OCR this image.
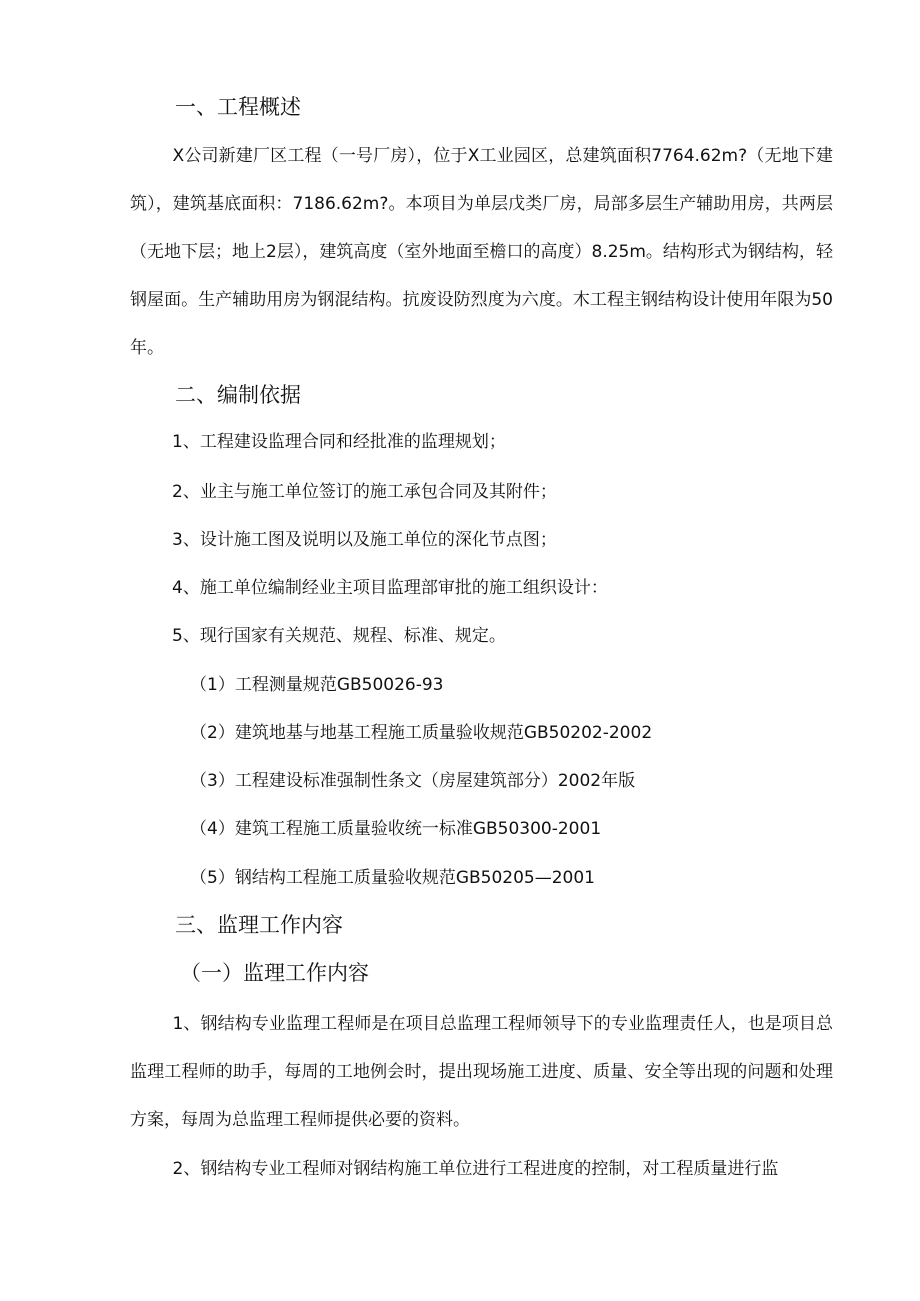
一、工程概述

X公司新建厂区工程（一号厂房），位于X工业园区，总建筑面积7764.62m?（无地下建筑），建筑基底面积：7186.62m?。本项目为单层戊类厂房，局部多层生产辅助用房，共两层（无地下层；地上2层），建筑高度（室外地面至檐口的高度）8.25m。结构形式为钢结构，轻钢屋面。生产辅助用房为钢混结构。抗废设防烈度为六度。木工程主钢结构设计使用年限为50年。

二、编制依据
1、工程建设监理合同和经批准的监理规划；
2、业主与施工单位签订的施工承包合同及其附件；
3、设计施工图及说明以及施工单位的深化节点图；
4、施工单位编制经业主项目监理部审批的施工组织设计：
5、现行国家有关规范、规程、标准、规定。
（1）工程测量规范GB50026-93
（2）建筑地基与地基工程施工质量验收规范GB50202-2002
（3）工程建设标准强制性条文（房屋建筑部分）2002年版
（4）建筑工程施工质量验收统一标准GB50300-2001
（5）钢结构工程施工质量验收规范GB50205—2001
三、监理工作内容
（一）监理工作内容

1、钢结构专业监理工程师是在项目总监理工程师领导下的专业监理责任人，也是项目总监理工程师的助手，每周的工地例会时，提出现场施工进度、质量、安全等出现的问题和处理方案，每周为总监理工程师提供必要的资料。

2、钢结构专业工程师对钢结构施工单位进行工程进度的控制，对工程质量进行监
